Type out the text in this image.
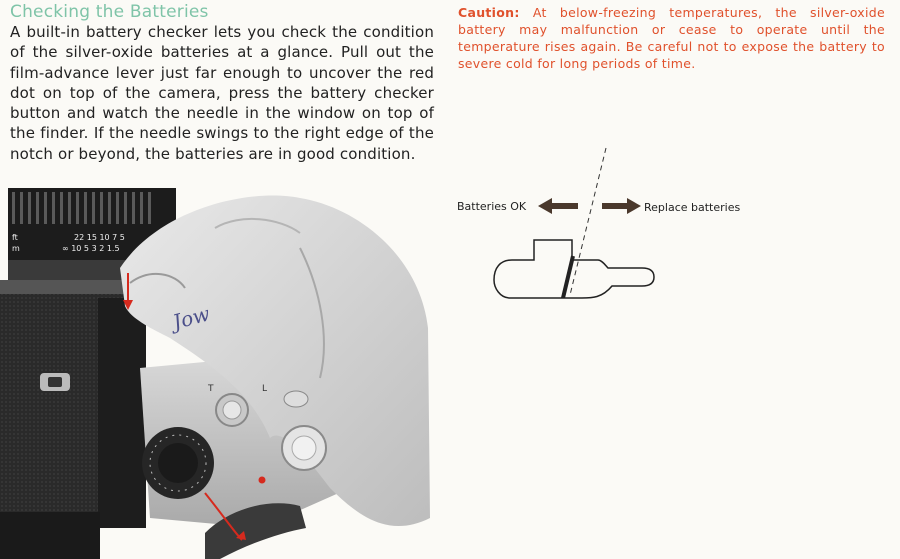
Checking the Batteries

A built-in battery checker lets you check the condition of the silver-oxide batteries at a glance. Pull out the film-advance lever just far enough to uncover the red dot on top of the camera, press the battery checker button and watch the needle in the window on top of the finder. If the needle swings to the right edge of the notch or beyond, the batteries are in good condition.

Caution: At below-freezing temperatures, the silver-oxide battery may malfunction or cease to operate until the temperature rises again. Be careful not to expose the battery to severe cold for long periods of time.

ft
m
22 15 10 7 5
∞ 10 5 3 2 1.5
Jow
T	L
Batteries OK	Replace batteries
